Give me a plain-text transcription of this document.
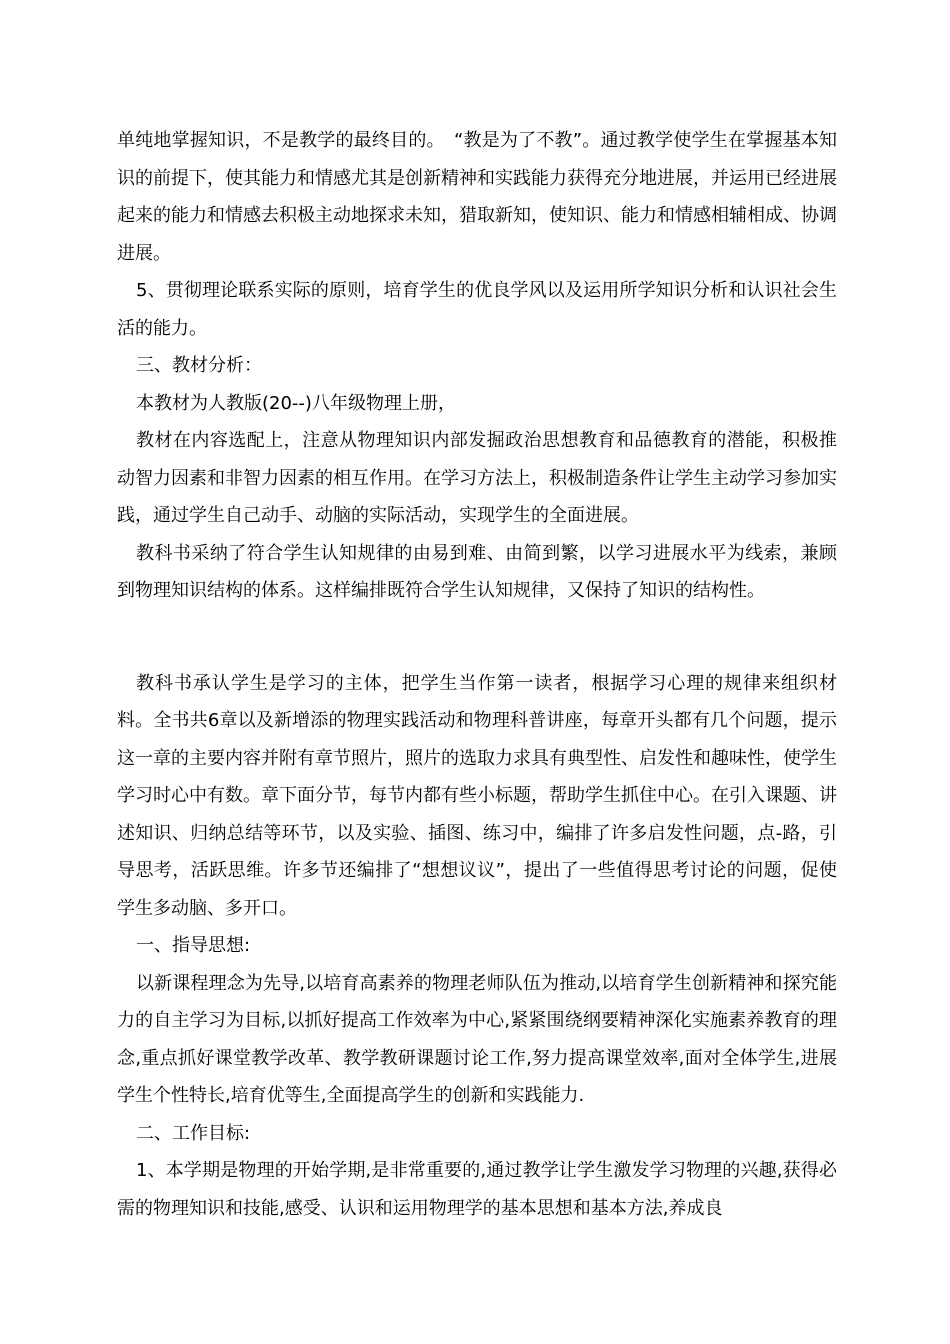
单纯地掌握知识，不是教学的最终目的。　“教是为了不教”。通过教学使学生在掌握基本知识的前提下，使其能力和情感尤其是创新精神和实践能力获得充分地进展，并运用已经进展起来的能力和情感去积极主动地探求未知，猎取新知，使知识、能力和情感相辅相成、协调进展。

5、贯彻理论联系实际的原则，培育学生的优良学风以及运用所学知识分析和认识社会生活的能力。

三、教材分析：

本教材为人教版(20--)八年级物理上册，

教材在内容选配上，注意从物理知识内部发掘政治思想教育和品德教育的潜能，积极推动智力因素和非智力因素的相互作用。在学习方法上，积极制造条件让学生主动学习参加实践，通过学生自己动手、动脑的实际活动，实现学生的全面进展。

教科书采纳了符合学生认知规律的由易到难、由简到繁，以学习进展水平为线索，兼顾到物理知识结构的体系。这样编排既符合学生认知规律，又保持了知识的结构性。

教科书承认学生是学习的主体，把学生当作第一读者，根据学习心理的规律来组织材料。全书共6章以及新增添的物理实践活动和物理科普讲座，每章开头都有几个问题，提示这一章的主要内容并附有章节照片，照片的选取力求具有典型性、启发性和趣味性，使学生学习时心中有数。章下面分节，每节内都有些小标题，帮助学生抓住中心。在引入课题、讲述知识、归纳总结等环节，以及实验、插图、练习中，编排了许多启发性问题，点-路，引导思考，活跃思维。许多节还编排了“想想议议”，提出了一些值得思考讨论的问题，促使学生多动脑、多开口。

一、指导思想:

以新课程理念为先导,以培育高素养的物理老师队伍为推动,以培育学生创新精神和探究能力的自主学习为目标,以抓好提高工作效率为中心,紧紧围绕纲要精神深化实施素养教育的理念,重点抓好课堂教学改革、教学教研课题讨论工作,努力提高课堂效率,面对全体学生,进展学生个性特长,培育优等生,全面提高学生的创新和实践能力.

二、工作目标:

1、本学期是物理的开始学期,是非常重要的,通过教学让学生激发学习物理的兴趣,获得必需的物理知识和技能,感受、认识和运用物理学的基本思想和基本方法,养成良
